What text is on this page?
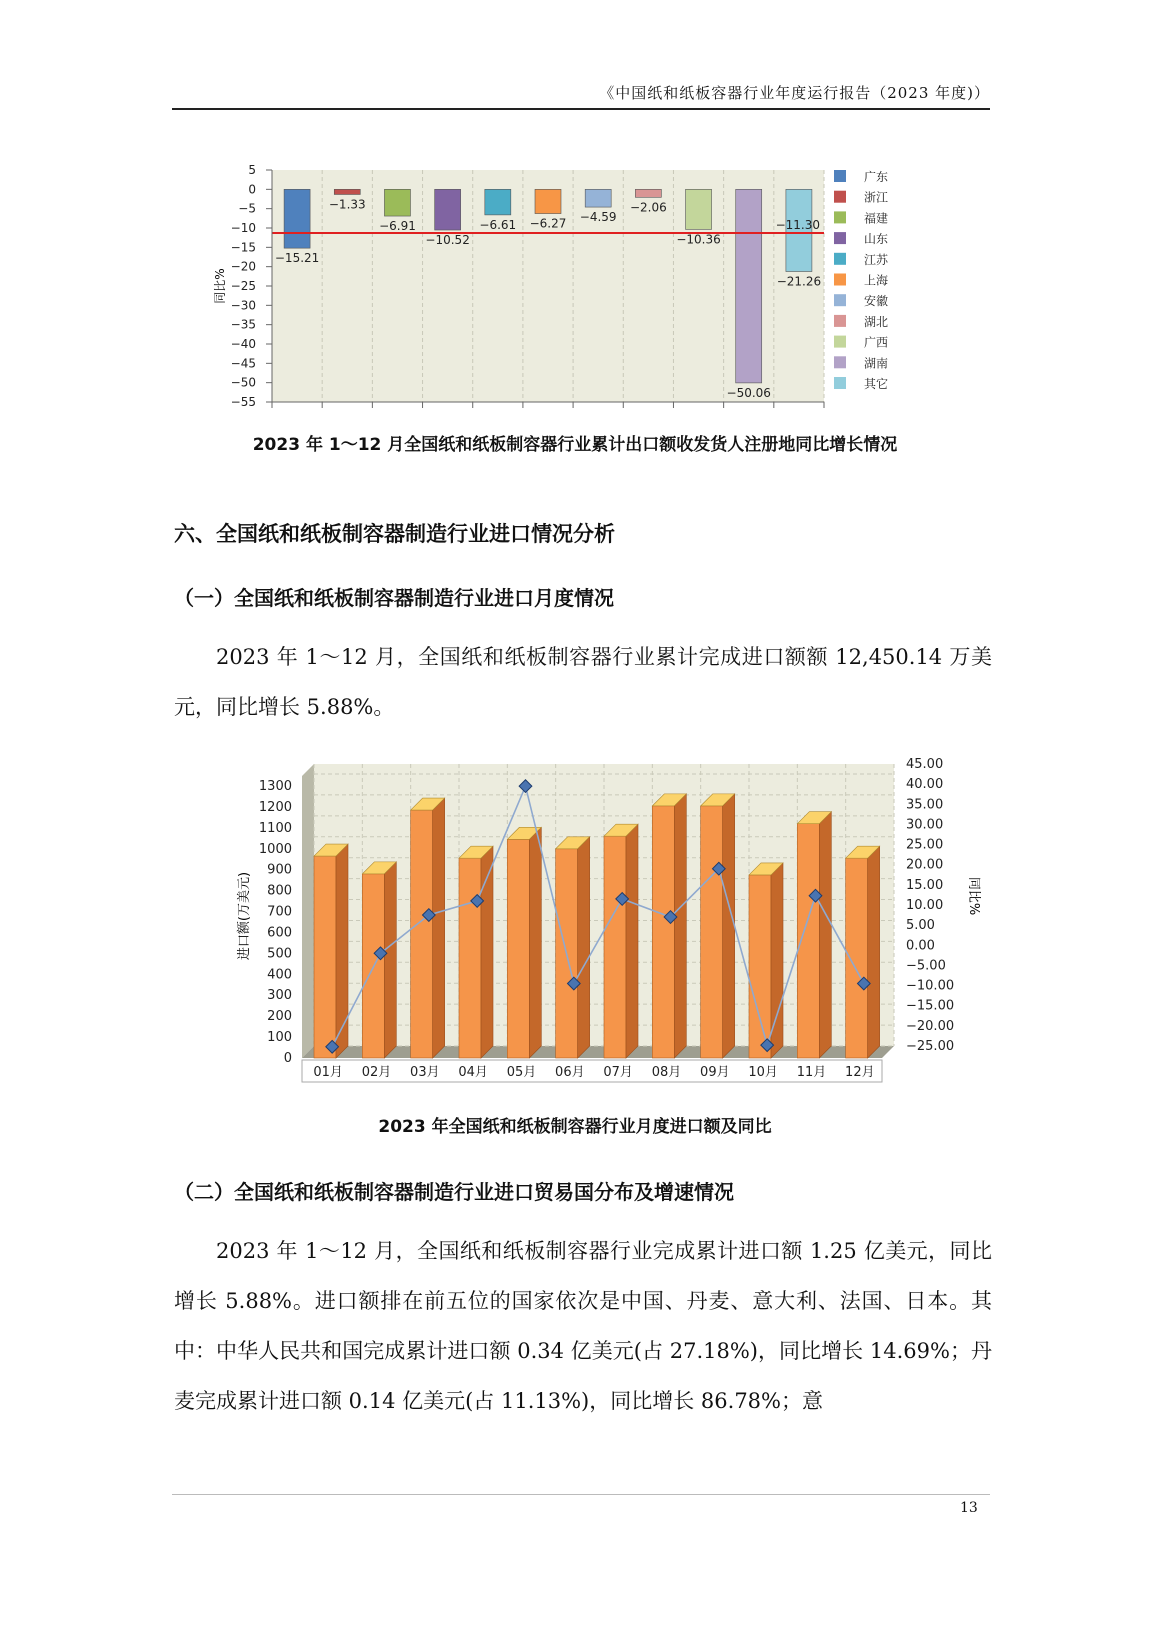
《中国纸和纸板容器行业年度运行报告（2023 年度)）
−15.21
−1.33
−6.91
−10.52
−6.61 −6.27 −4.59
−2.06
−10.36
−50.06
−21.26
−11.30
5
0
−5
−10
−15
−20
−25
−30
−35
−40
−45
−50
−55
广东
浙江
福建
山东
江苏
上海
安徽
湖北
广西
湖南
其它
同比%
2023 年 1～12 月全国纸和纸板制容器行业累计出口额收发货人注册地同比增长情况
六、全国纸和纸板制容器制造行业进口情况分析
（一）全国纸和纸板制容器制造行业进口月度情况
2023 年 1～12 月，全国纸和纸板制容器行业累计完成进口额额 12,450.14 万美元，同比增长 5.88%。
0
100
200
300
400
500
600
700
800
900
1000
1100
1200
1300
45.00
40.00
35.00
30.00
25.00
20.00
15.00
10.00
5.00
0.00
−5.00
−10.00
−15.00
−20.00
−25.00
01月 02月 03月 04月 05月 06月 07月 08月 09月 10月 11月 12月
进口额(万美元)	同比%
2023 年全国纸和纸板制容器行业月度进口额及同比
（二）全国纸和纸板制容器制造行业进口贸易国分布及增速情况
2023 年 1～12 月，全国纸和纸板制容器行业完成累计进口额 1.25 亿美元，同比增长 5.88%。进口额排在前五位的国家依次是中国、丹麦、意大利、法国、日本。其中：中华人民共和国完成累计进口额 0.34 亿美元(占 27.18%)，同比增长 14.69%；丹麦完成累计进口额 0.14 亿美元(占 11.13%)，同比增长 86.78%；意
13
